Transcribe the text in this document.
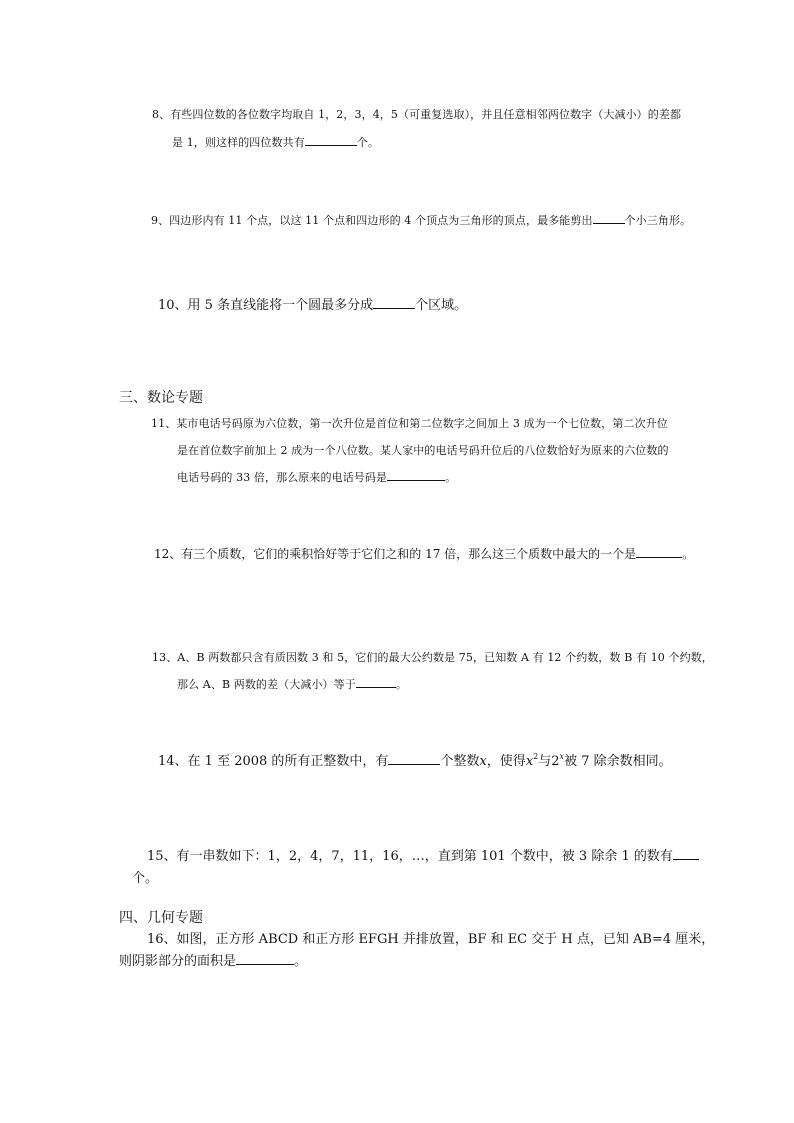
8、有些四位数的各位数字均取自 1，2，3，4，5（可重复选取），并且任意相邻两位数字（大减小）的差都
是 1，则这样的四位数共有	个。
9、四边形内有 11 个点，以这 11 个点和四边形的 4 个顶点为三角形的顶点，最多能剪出	个小三角形。
10、用 5 条直线能将一个圆最多分成	个区域。
三、数论专题
11、某市电话号码原为六位数，第一次升位是首位和第二位数字之间加上 3 成为一个七位数，第二次升位
是在首位数字前加上 2 成为一个八位数。某人家中的电话号码升位后的八位数恰好为原来的六位数的
电话号码的 33 倍，那么原来的电话号码是	。
12、有三个质数，它们的乘积恰好等于它们之和的 17 倍，那么这三个质数中最大的一个是	。
13、A、B 两数都只含有质因数 3 和 5，它们的最大公约数是 75，已知数 A 有 12 个约数，数 B 有 10 个约数，
那么 A、B 两数的差（大减小）等于	。
14、在 1 至 2008 的所有正整数中，有	个整数x，使得$x^2$与2$^x$被 7 除余数相同。
15、有一串数如下：1，2，4，7，11，16，…，直到第 101 个数中，被 3 除余 1 的数有
个。
四、几何专题
16、如图，正方形 ABCD 和正方形 EFGH 并排放置，BF 和 EC 交于 H 点，已知 AB=4 厘米，
则阴影部分的面积是	。
